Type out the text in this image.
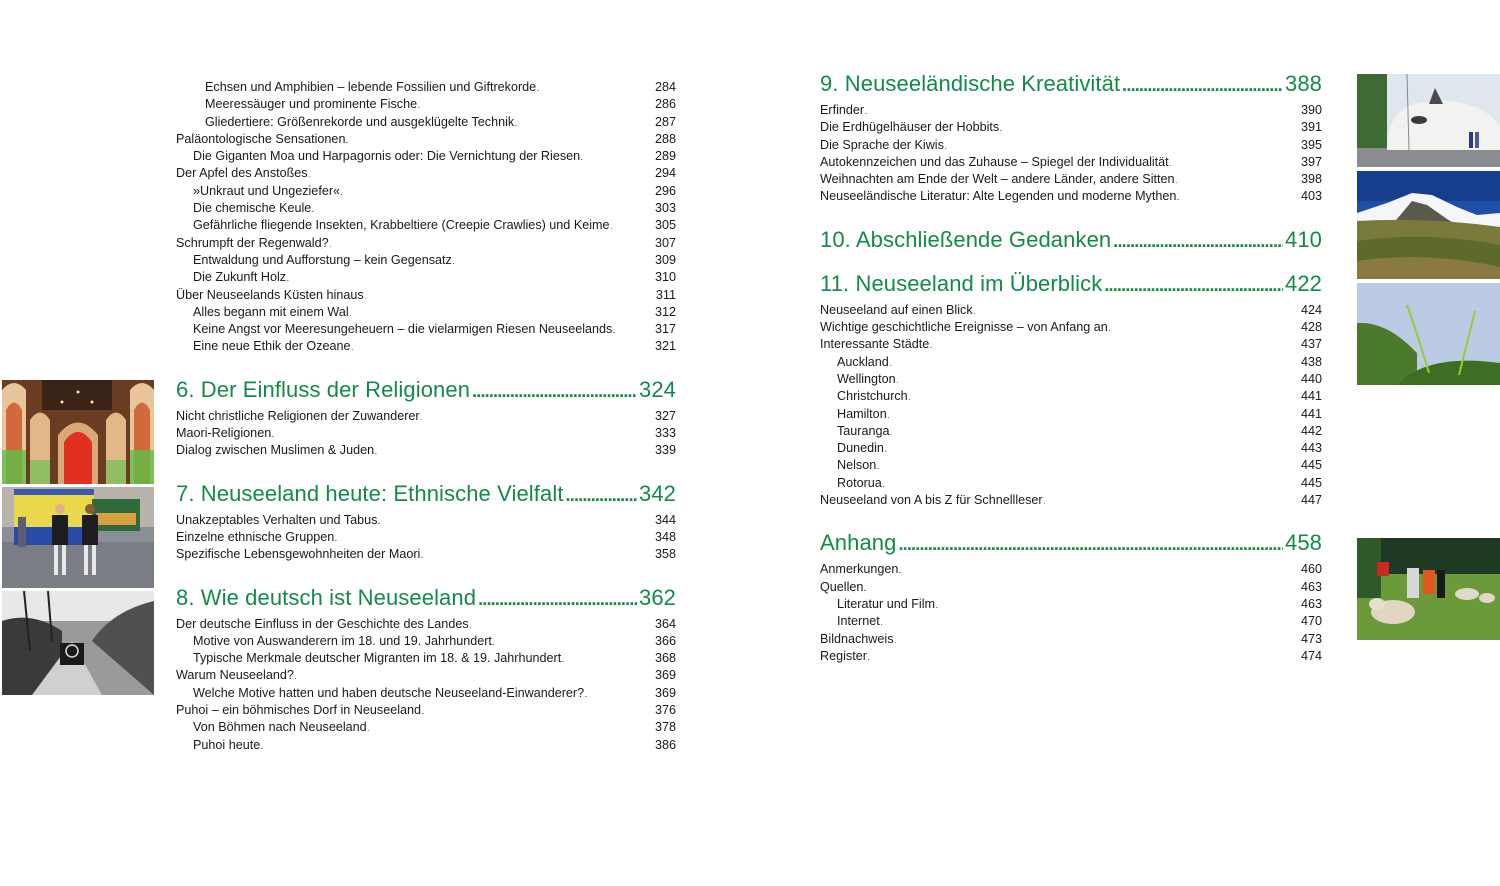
Echsen und Amphibien – lebende Fossilien und Giftrekorde . . .	284
Meeressäuger und prominente Fische . . .	286
Gliedertiere: Größenrekorde und ausgeklügelte Technik . . .	287
Paläontologische Sensationen . . .	288
Die Giganten Moa und Harpagornis oder: Die Vernichtung der Riesen . . .	289
Der Apfel des Anstoßes . . .	294
»Unkraut und Ungeziefer« . . .	296
Die chemische Keule . . .	303
Gefährliche fliegende Insekten, Krabbeltiere (Creepie Crawlies) und Keime . . .	305
Schrumpft der Regenwald? . . .	307
Entwaldung und Aufforstung – kein Gegensatz . . .	309
Die Zukunft Holz . . .	310
Über Neuseelands Küsten hinaus . . .	311
Alles begann mit einem Wal . . .	312
Keine Angst vor Meeresungeheuern – die vielarmigen Riesen Neuseelands . . .	317
Eine neue Ethik der Ozeane . . .	321
6. Der Einfluss der Religionen . . .	324
Nicht christliche Religionen der Zuwanderer . . .	327
Maori-Religionen . . .	333
Dialog zwischen Muslimen & Juden . . .	339
7. Neuseeland heute: Ethnische Vielfalt . . .	342
Unakzeptables Verhalten und Tabus . . .	344
Einzelne ethnische Gruppen . . .	348
Spezifische Lebensgewohnheiten der Maori . . .	358
8. Wie deutsch ist Neuseeland . . .	362
Der deutsche Einfluss in der Geschichte des Landes . . .	364
Motive von Auswanderern im 18. und 19. Jahrhundert . . .	366
Typische Merkmale deutscher Migranten im 18. & 19. Jahrhundert . . .	368
Warum Neuseeland? . . .	369
Welche Motive hatten und haben deutsche Neuseeland-Einwanderer? . . .	369
Puhoi – ein böhmisches Dorf in Neuseeland . . .	376
Von Böhmen nach Neuseeland . . .	378
Puhoi heute . . .	386
9. Neuseeländische Kreativität . . .	388
Erfinder . . .	390
Die Erdhügelhäuser der Hobbits . . .	391
Die Sprache der Kiwis . . .	395
Autokennzeichen und das Zuhause – Spiegel der Individualität . . .	397
Weihnachten am Ende der Welt – andere Länder, andere Sitten . . .	398
Neuseeländische Literatur: Alte Legenden und moderne Mythen . . .	403
10. Abschließende Gedanken . . .	410
11. Neuseeland im Überblick . . .	422
Neuseeland auf einen Blick . . .	424
Wichtige geschichtliche Ereignisse – von Anfang an . . .	428
Interessante Städte . . .	437
Auckland . . .	438
Wellington . . .	440
Christchurch . . .	441
Hamilton . . .	441
Tauranga . . .	442
Dunedin . . .	443
Nelson . . .	445
Rotorua . . .	445
Neuseeland von A bis Z für Schnellleser . . .	447
Anhang . . .	458
Anmerkungen . . .	460
Quellen . . .	463
Literatur und Film . . .	463
Internet . . .	470
Bildnachweis . . .	473
Register . . .	474
